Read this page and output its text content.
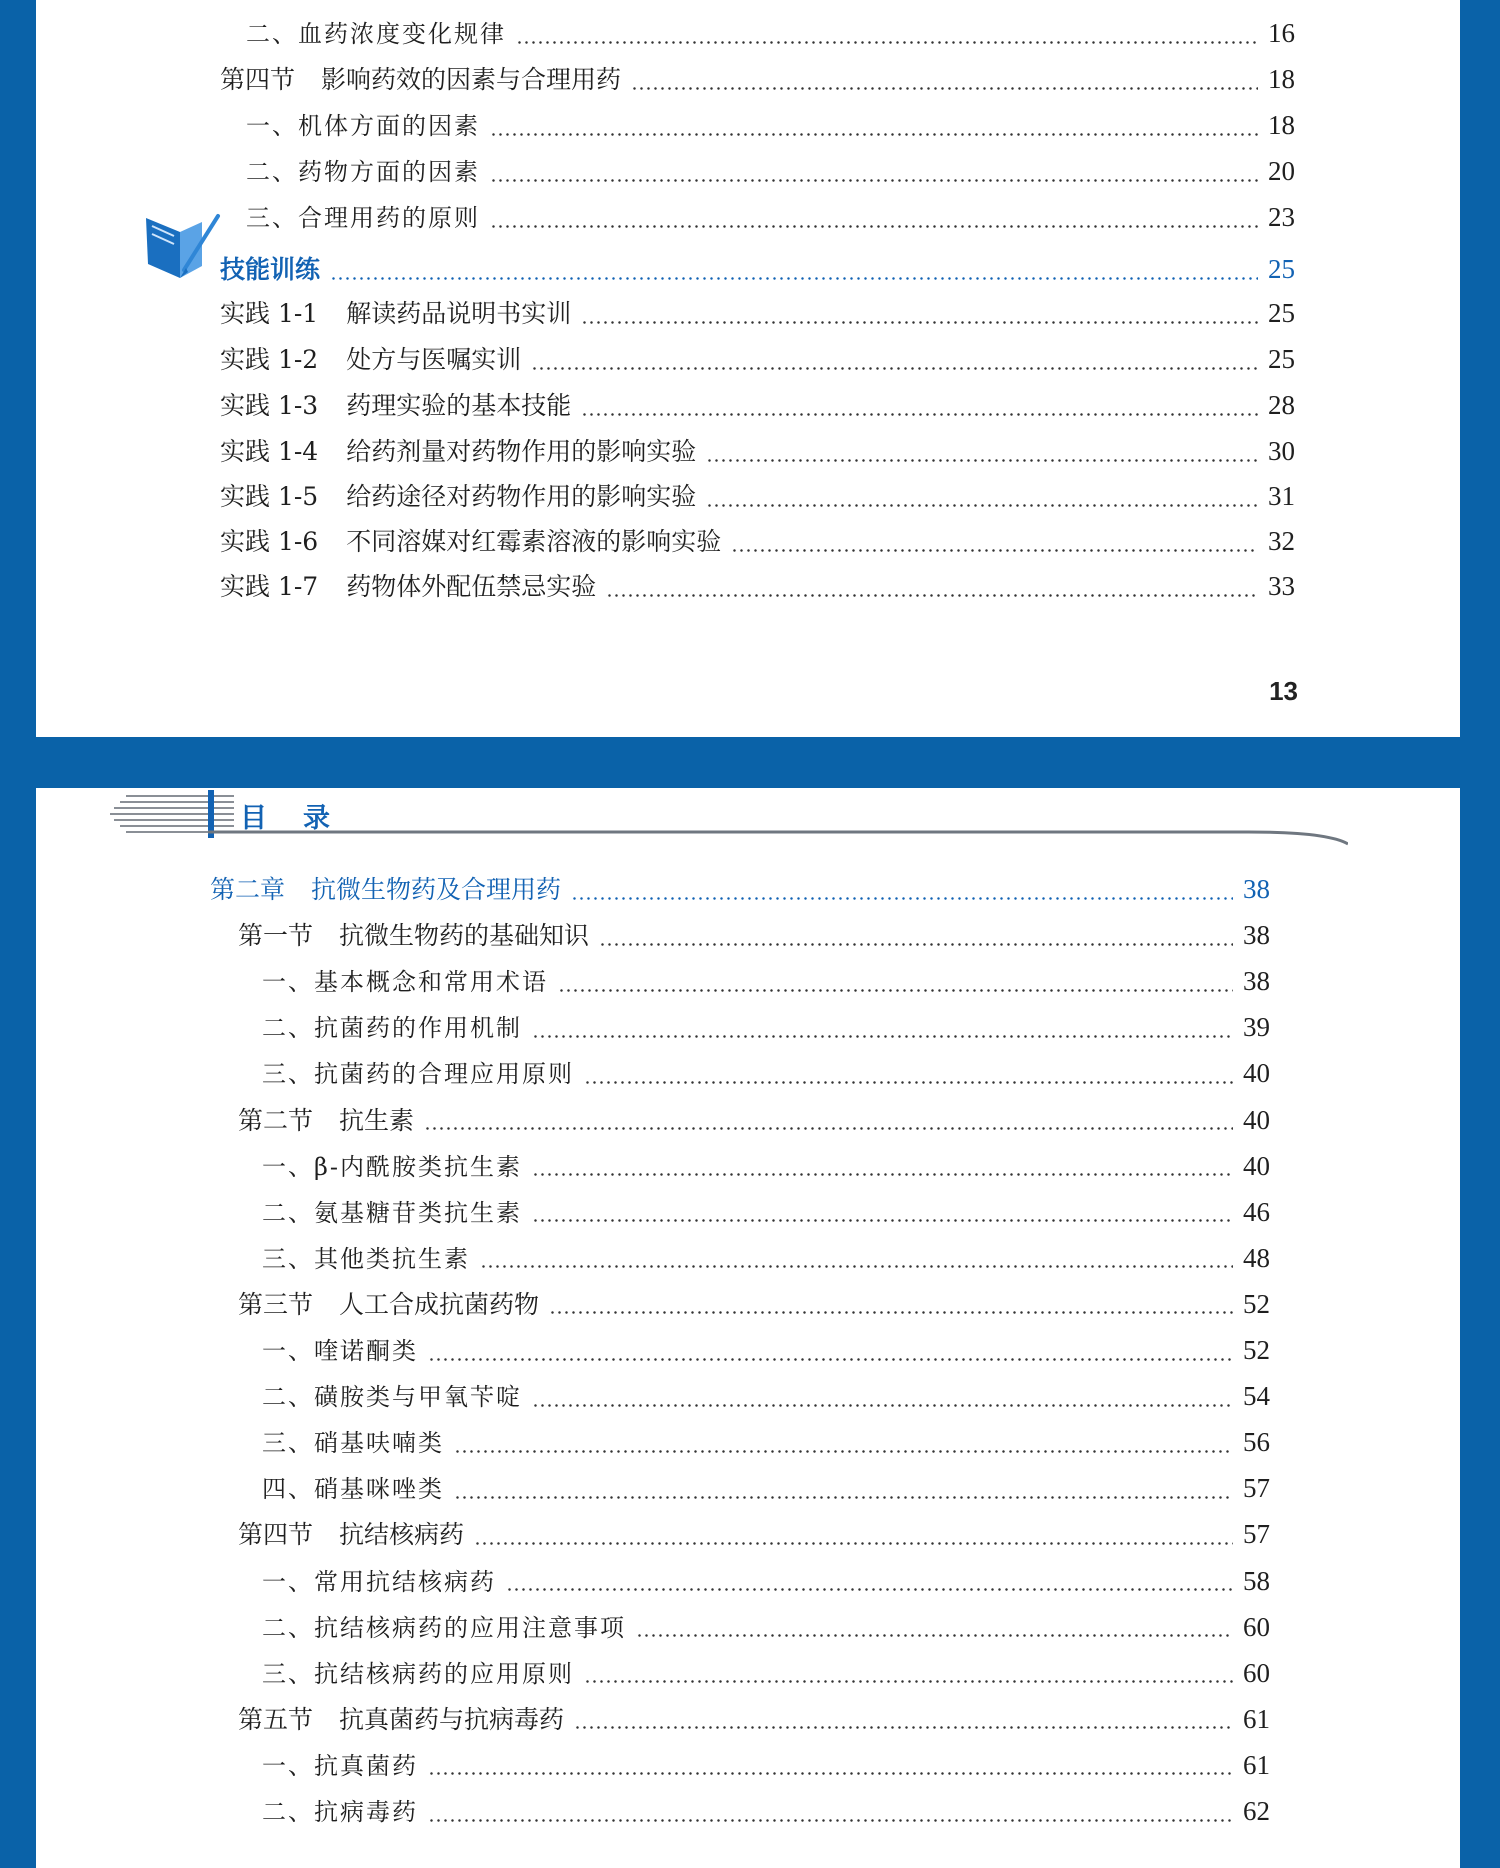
二、血药浓度变化规律	16
第四节 影响药效的因素与合理用药	18
一、机体方面的因素	18
二、药物方面的因素	20
三、合理用药的原则	23
技能训练	25
实践 1-1 解读药品说明书实训	25
实践 1-2 处方与医嘱实训	25
实践 1-3 药理实验的基本技能	28
实践 1-4 给药剂量对药物作用的影响实验	30
实践 1-5 给药途径对药物作用的影响实验	31
实践 1-6 不同溶媒对红霉素溶液的影响实验	32
实践 1-7 药物体外配伍禁忌实验	33
13
目录
第二章 抗微生物药及合理用药	38
第一节 抗微生物药的基础知识	38
一、基本概念和常用术语	38
二、抗菌药的作用机制	39
三、抗菌药的合理应用原则	40
第二节 抗生素	40
一、β-内酰胺类抗生素	40
二、氨基糖苷类抗生素	46
三、其他类抗生素	48
第三节 人工合成抗菌药物	52
一、喹诺酮类	52
二、磺胺类与甲氧苄啶	54
三、硝基呋喃类	56
四、硝基咪唑类	57
第四节 抗结核病药	57
一、常用抗结核病药	58
二、抗结核病药的应用注意事项	60
三、抗结核病药的应用原则	60
第五节 抗真菌药与抗病毒药	61
一、抗真菌药	61
二、抗病毒药	62
